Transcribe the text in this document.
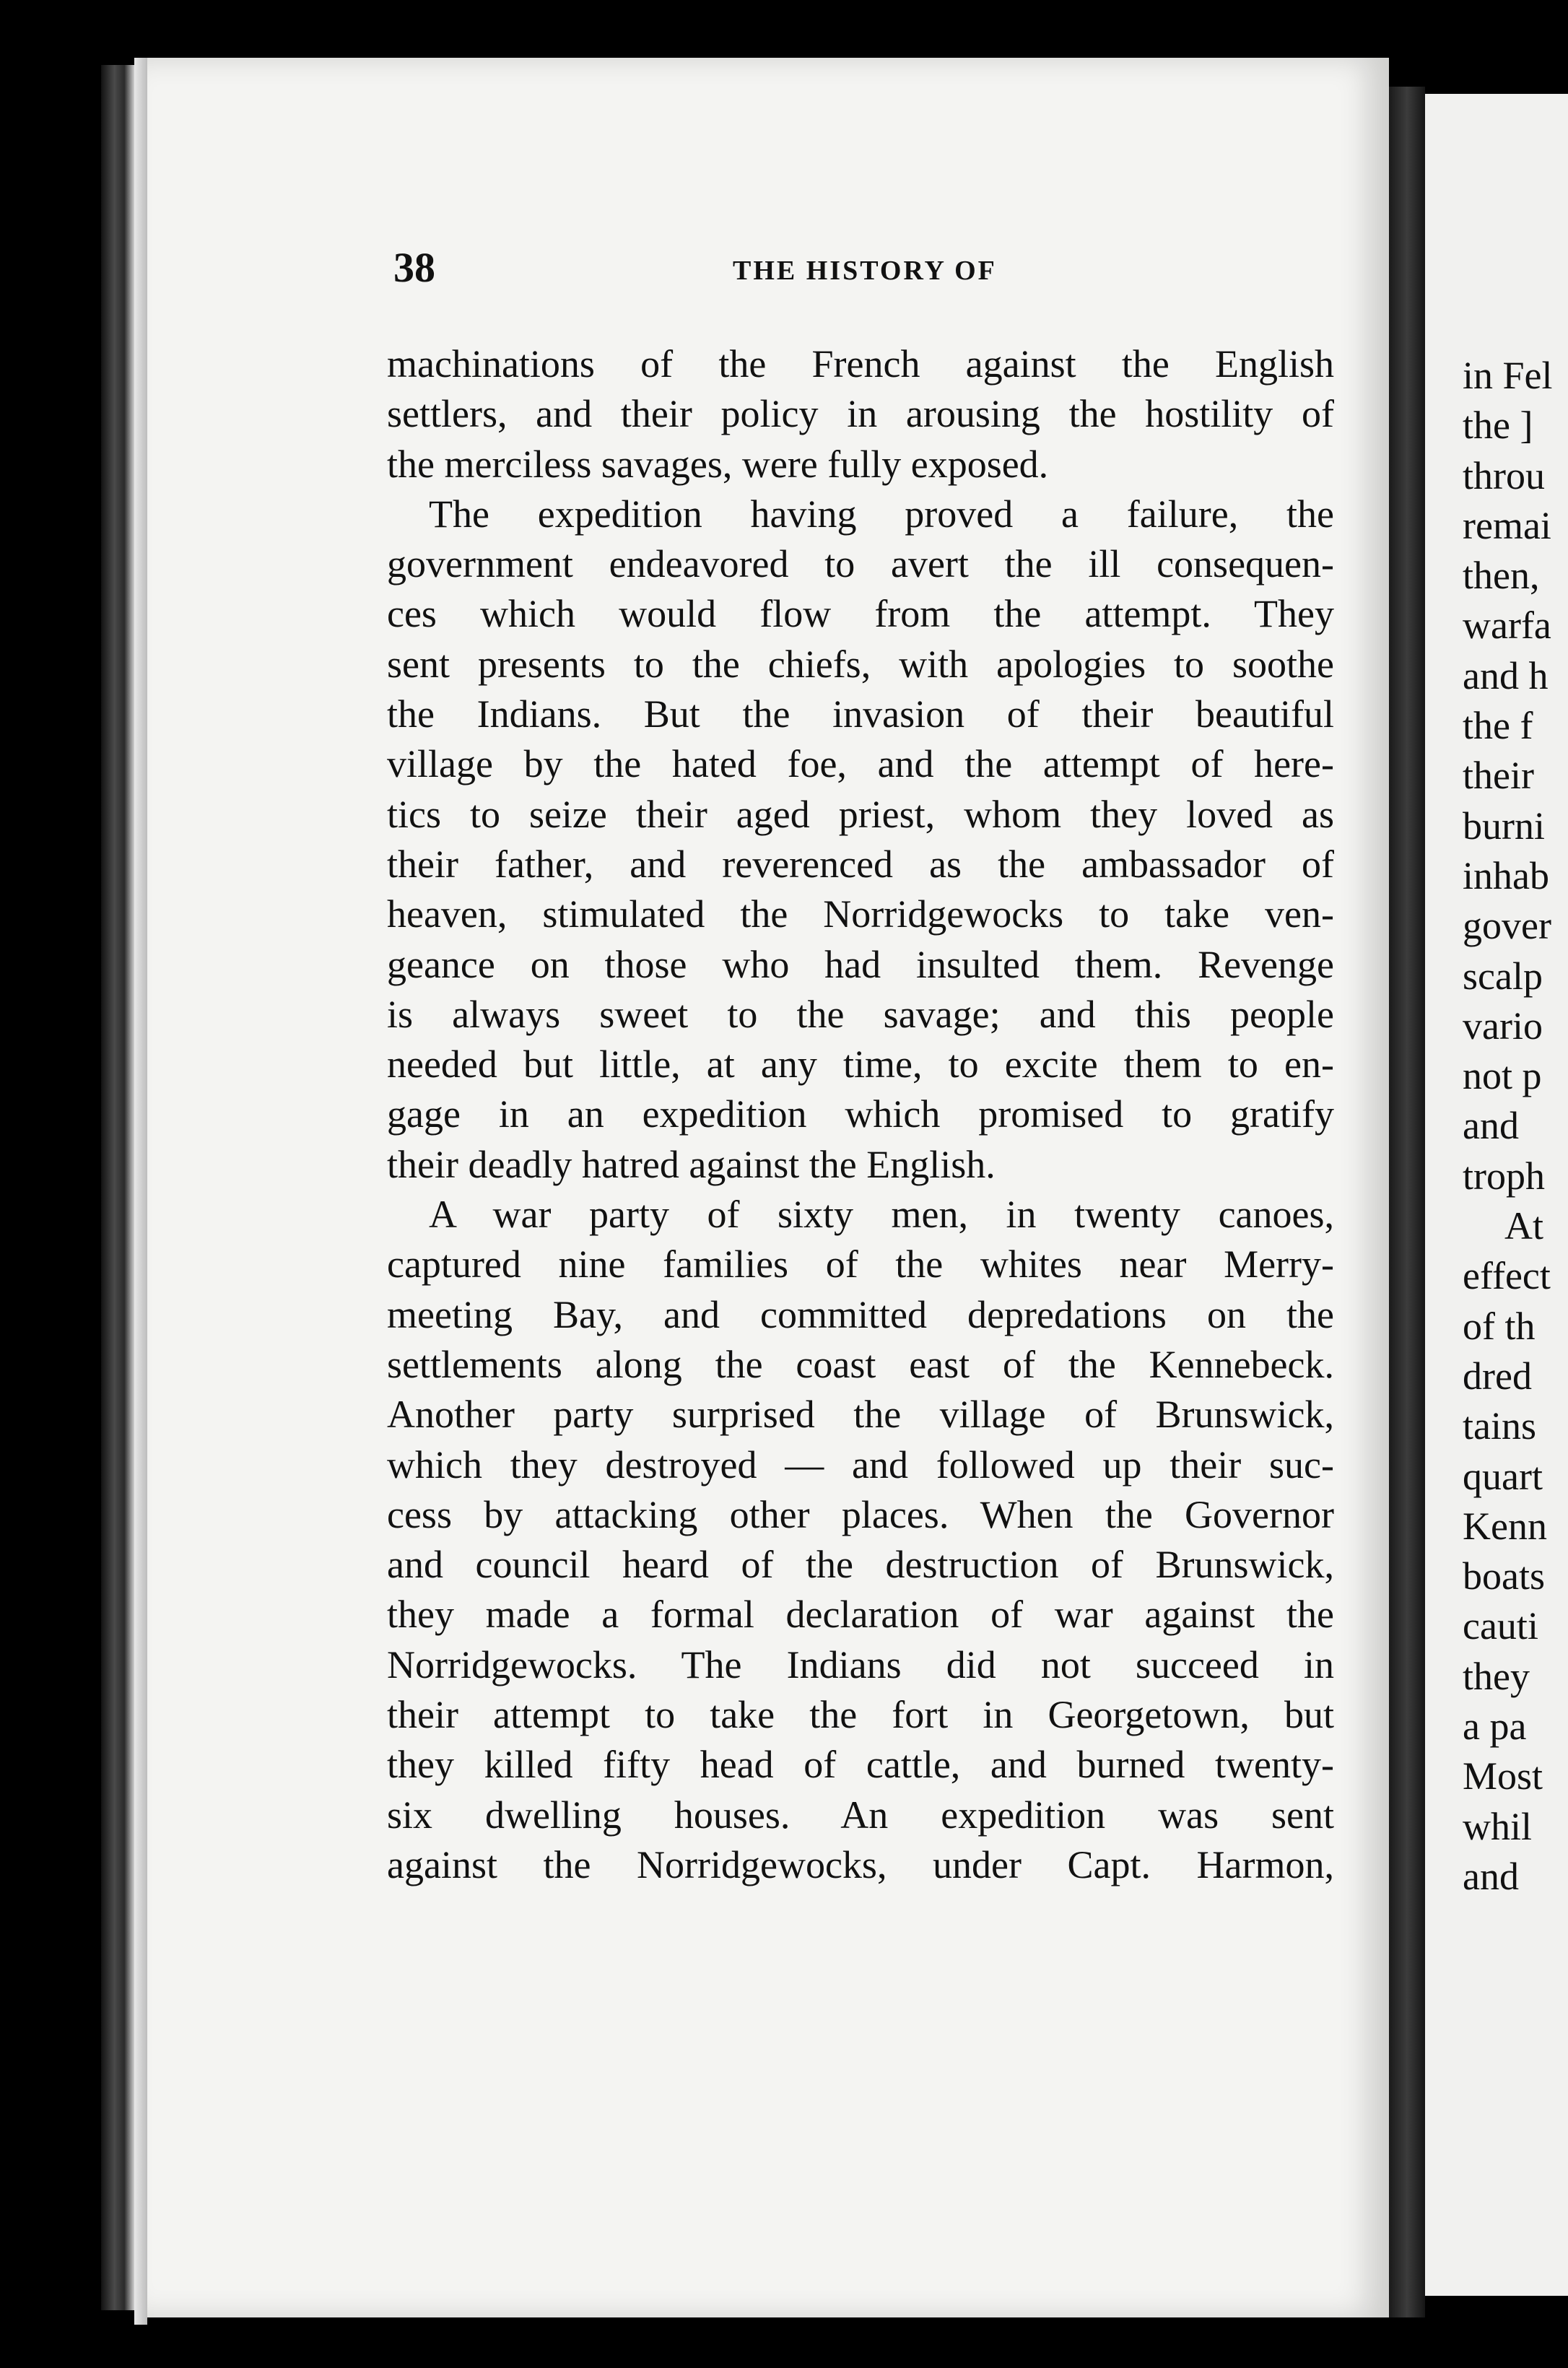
38	THE HISTORY OF
machinations of the French against the English
settlers, and their policy in arousing the hostility of
the merciless savages, were fully exposed.
The expedition having proved a failure, the
government endeavored to avert the ill consequen-
ces which would flow from the attempt. They
sent presents to the chiefs, with apologies to soothe
the Indians. But the invasion of their beautiful
village by the hated foe, and the attempt of here-
tics to seize their aged priest, whom they loved as
their father, and reverenced as the ambassador of
heaven, stimulated the Norridgewocks to take ven-
geance on those who had insulted them. Revenge
is always sweet to the savage; and this people
needed but little, at any time, to excite them to en-
gage in an expedition which promised to gratify
their deadly hatred against the English.
A war party of sixty men, in twenty canoes,
captured nine families of the whites near Merry-
meeting Bay, and committed depredations on the
settlements along the coast east of the Kennebeck.
Another party surprised the village of Brunswick,
which they destroyed — and followed up their suc-
cess by attacking other places. When the Governor
and council heard of the destruction of Brunswick,
they made a formal declaration of war against the
Norridgewocks. The Indians did not succeed in
their attempt to take the fort in Georgetown, but
they killed fifty head of cattle, and burned twenty-
six dwelling houses. An expedition was sent
against the Norridgewocks, under Capt. Harmon,
in Fel
the ]
throu
remai
then,
warfa
and h
the f
their
burni
inhab
gover
scalp
vario
not p
and
troph
At
effect
of th
dred
tains
quart
Kenn
boats
cauti
they
a pa
Most
whil
and
